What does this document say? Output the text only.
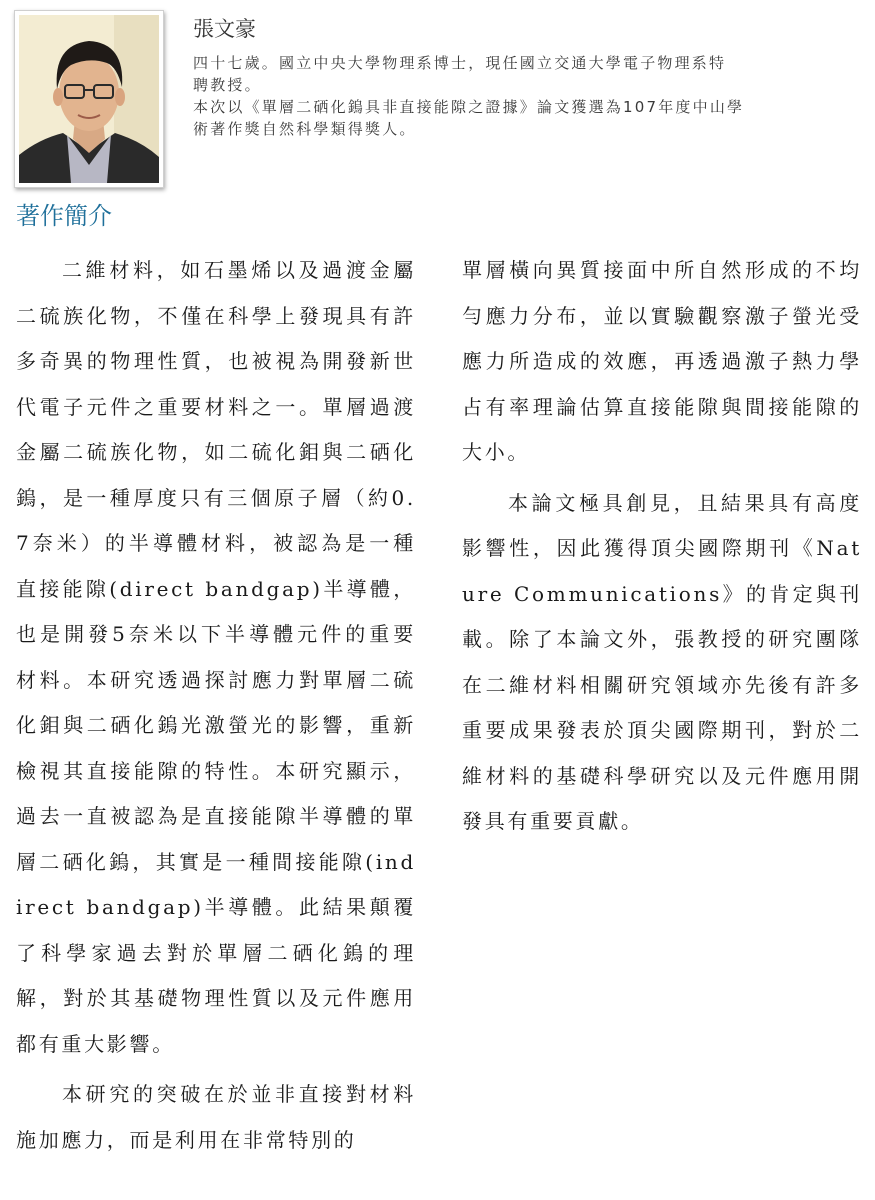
張文豪
四十七歲。國立中央大學物理系博士，現任國立交通大學電子物理系特
聘教授。
本次以《單層二硒化鎢具非直接能隙之證據》論文獲選為107年度中山學
術著作獎自然科學類得獎人。
著作簡介

二維材料，如石墨烯以及過渡金屬二硫族化物，不僅在科學上發現具有許多奇異的物理性質，也被視為開發新世代電子元件之重要材料之一。單層過渡金屬二硫族化物，如二硫化鉬與二硒化鎢，是一種厚度只有三個原子層（約0.7奈米）的半導體材料，被認為是一種直接能隙(direct bandgap)半導體，也是開發5奈米以下半導體元件的重要材料。本研究透過探討應力對單層二硫化鉬與二硒化鎢光激螢光的影響，重新檢視其直接能隙的特性。本研究顯示，過去一直被認為是直接能隙半導體的單層二硒化鎢，其實是一種間接能隙(indirect bandgap)半導體。此結果顛覆了科學家過去對於單層二硒化鎢的理解，對於其基礎物理性質以及元件應用都有重大影響。

本研究的突破在於並非直接對材料施加應力，而是利用在非常特別的

單層橫向異質接面中所自然形成的不均勻應力分布，並以實驗觀察激子螢光受應力所造成的效應，再透過激子熱力學占有率理論估算直接能隙與間接能隙的大小。

本論文極具創見，且結果具有高度影響性，因此獲得頂尖國際期刊《Nature Communications》的肯定與刊載。除了本論文外，張教授的研究團隊在二維材料相關研究領域亦先後有許多重要成果發表於頂尖國際期刊，對於二維材料的基礎科學研究以及元件應用開發具有重要貢獻。
